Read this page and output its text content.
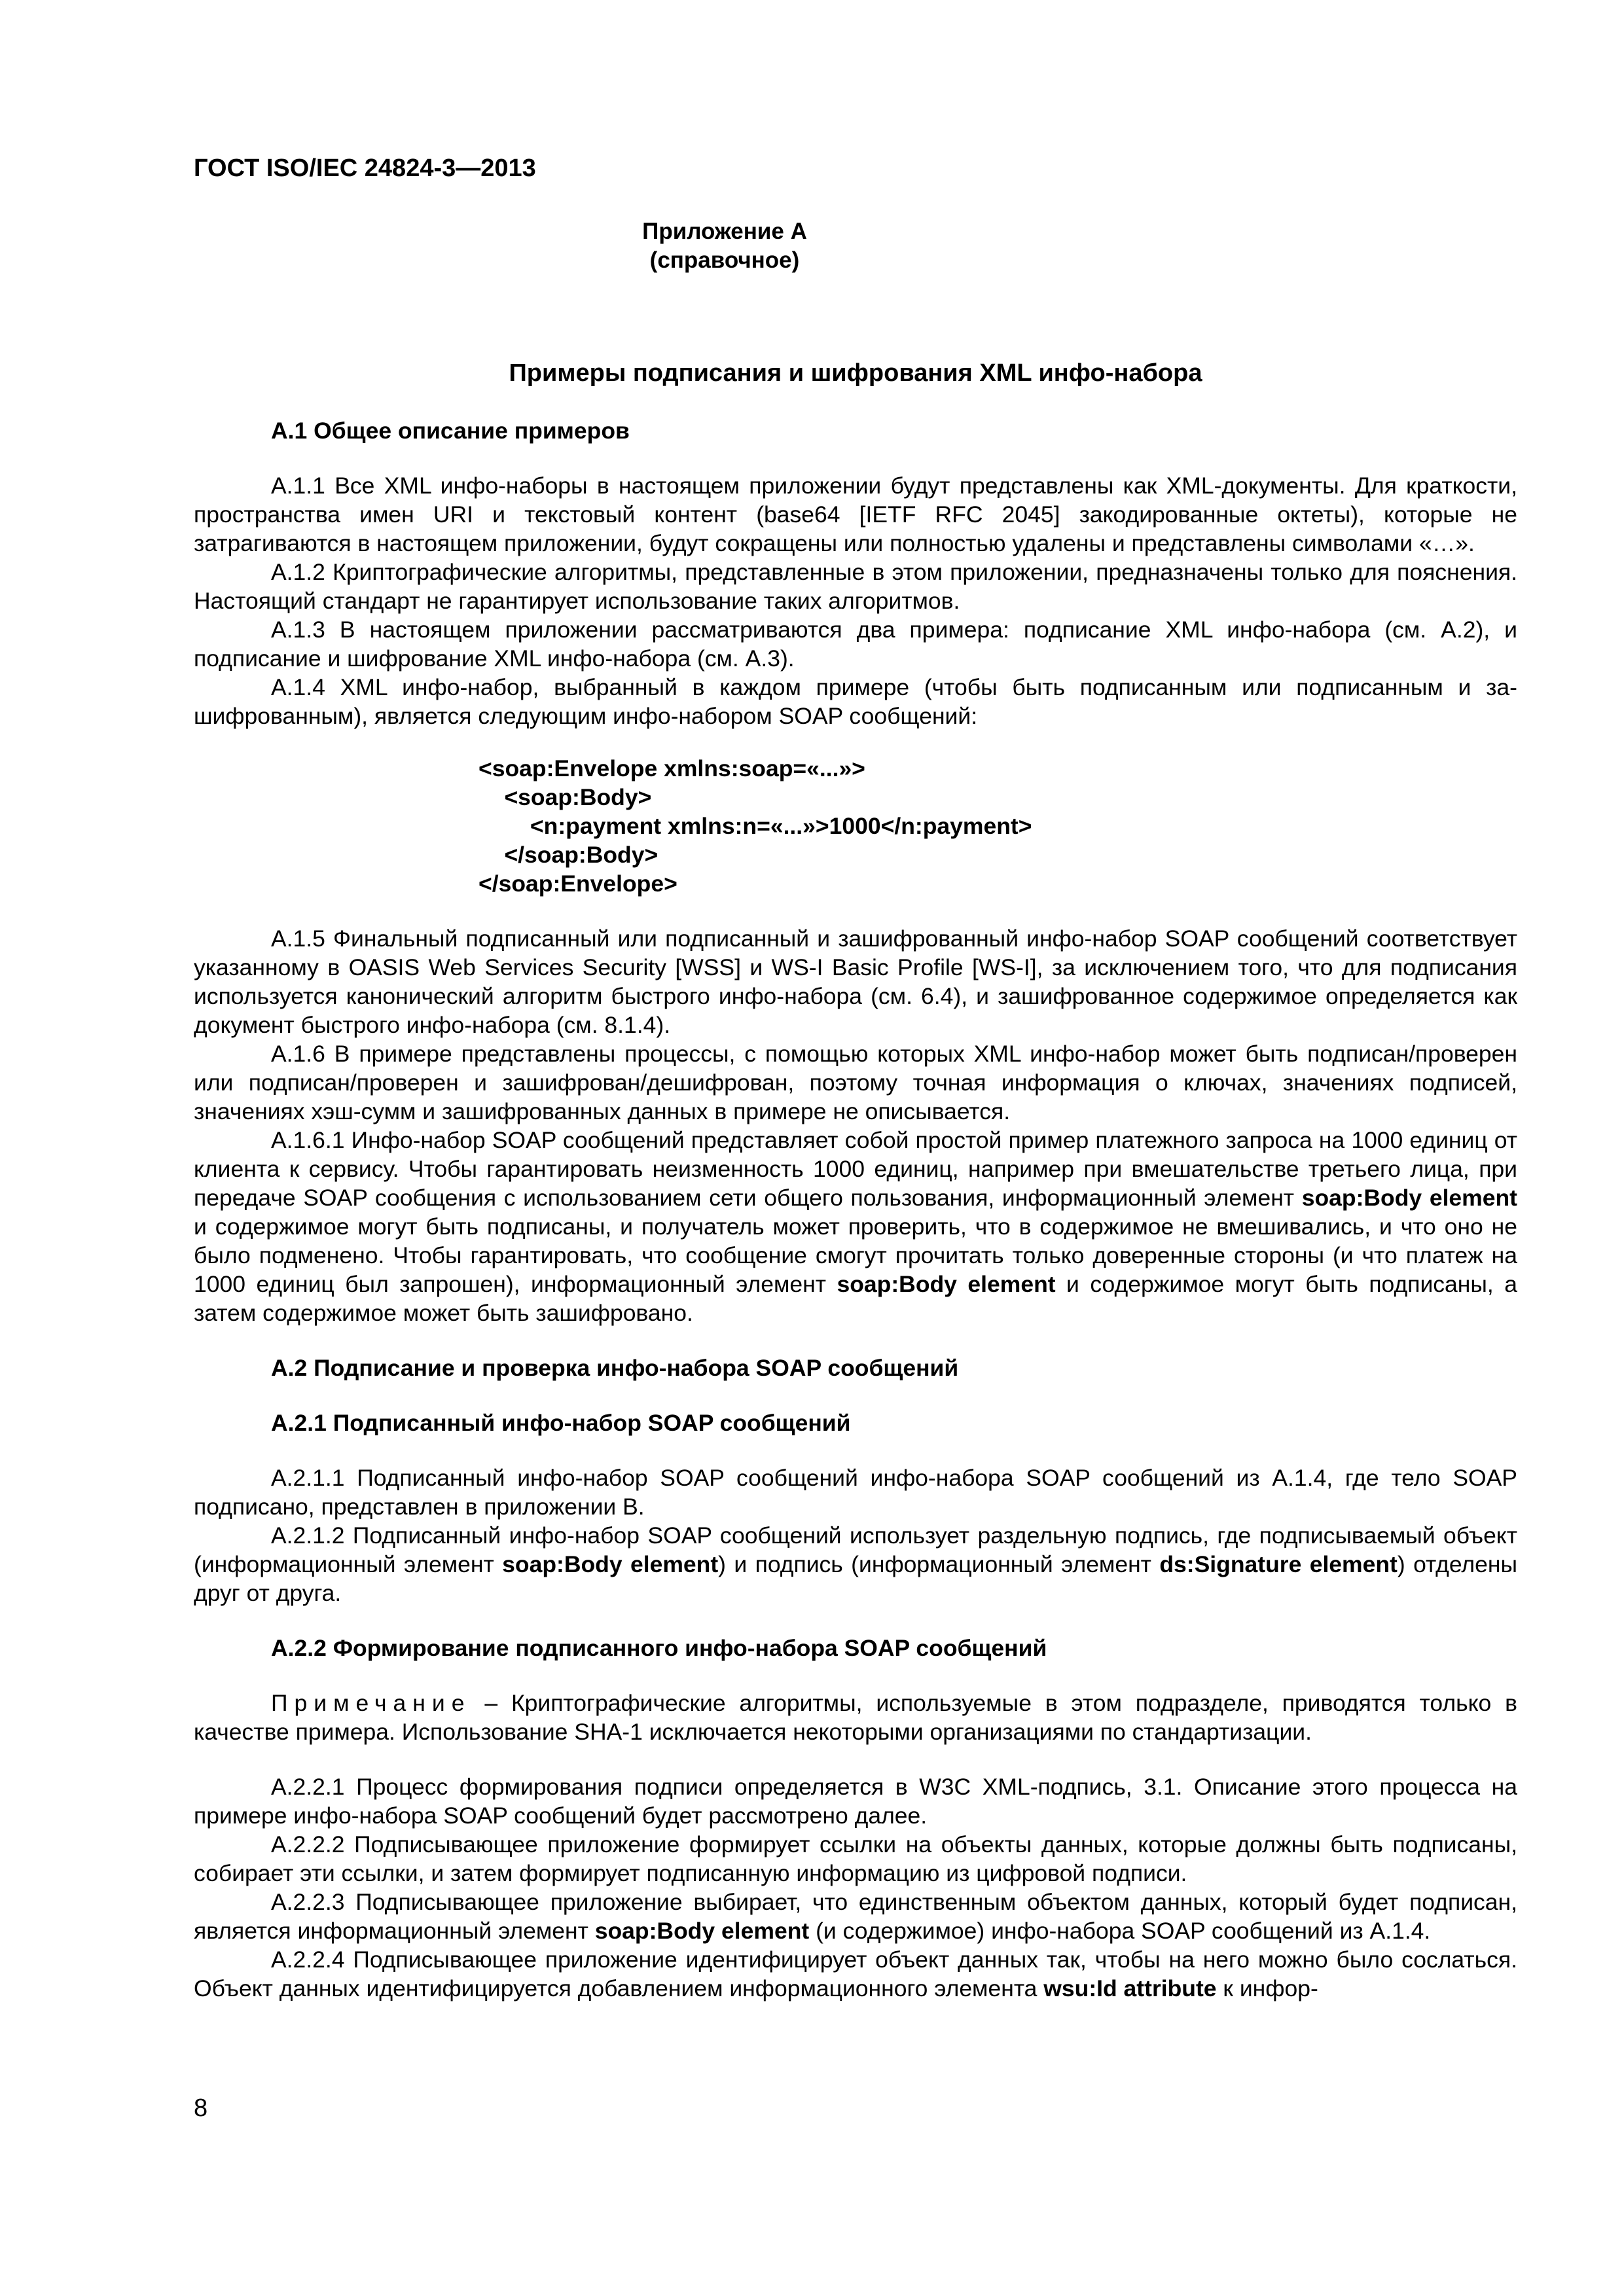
ГОСТ ISO/IEC 24824-3—2013
Приложение А
(справочное)
Примеры подписания и шифрования XML инфо-набора

А.1 Общее описание примеров

А.1.1 Все XML инфо-наборы в настоящем приложении будут представлены как XML-документы. Для краткости, пространства имен URI и текстовый контент (base64 [IETF RFC 2045] закодированные октеты), которые не затрагиваются в настоящем приложении, будут сокращены или полностью удалены и представлены символами «…».

А.1.2 Криптографические алгоритмы, представленные в этом приложении, предназначены только для пояснения. Настоящий стандарт не гарантирует использование таких алгоритмов.

А.1.3 В настоящем приложении рассматриваются два примера: подписание XML инфо-набора (см. А.2), и подписание и шифрование XML инфо-набора (см. А.3).

А.1.4 XML инфо-набор, выбранный в каждом примере (чтобы быть подписанным или подписанным и зашифрованным), является следующим инфо-набором SOAP сообщений:

<soap:Envelope xmlns:soap=«...»>
<soap:Body>
<n:payment xmlns:n=«...»>1000</n:payment>
</soap:Body>
</soap:Envelope>

А.1.5 Финальный подписанный или подписанный и зашифрованный инфо-набор SOAP сообщений соответствует указанному в OASIS Web Services Security [WSS] и WS-I Basic Profile [WS-I], за исключением того, что для подписания используется канонический алгоритм быстрого инфо-набора (см. 6.4), и зашифрованное содержимое определяется как документ быстрого инфо-набора (см. 8.1.4).

А.1.6 В примере представлены процессы, с помощью которых XML инфо-набор может быть подписан/проверен или подписан/проверен и зашифрован/дешифрован, поэтому точная информация о ключах, значениях подписей, значениях хэш-сумм и зашифрованных данных в примере не описывается.

А.1.6.1 Инфо-набор SOAP сообщений представляет собой простой пример платежного запроса на 1000 единиц от клиента к сервису. Чтобы гарантировать неизменность 1000 единиц, например при вмешательстве третьего лица, при передаче SOAP сообщения с использованием сети общего пользования, информационный элемент soap:Body element и содержимое могут быть подписаны, и получатель может проверить, что в содержимое не вмешивались, и что оно не было подменено. Чтобы гарантировать, что сообщение смогут прочитать только доверенные стороны (и что платеж на 1000 единиц был запрошен), информационный элемент soap:Body element и содержимое могут быть подписаны, а затем содержимое может быть зашифровано.

А.2 Подписание и проверка инфо-набора SOAP сообщений

А.2.1 Подписанный инфо-набор SOAP сообщений

А.2.1.1 Подписанный инфо-набор SOAP сообщений инфо-набора SOAP сообщений из А.1.4, где тело SOAP подписано, представлен в приложении В.

А.2.1.2 Подписанный инфо-набор SOAP сообщений использует раздельную подпись, где подписываемый объект (информационный элемент soap:Body element) и подпись (информационный элемент ds:Signature element) отделены друг от друга.

А.2.2 Формирование подписанного инфо-набора SOAP сообщений

Примечание – Криптографические алгоритмы, используемые в этом подразделе, приводятся только в качестве примера. Использование SHA-1 исключается некоторыми организациями по стандартизации.

А.2.2.1 Процесс формирования подписи определяется в W3C XML-подпись, 3.1. Описание этого процесса на примере инфо-набора SOAP сообщений будет рассмотрено далее.

А.2.2.2 Подписывающее приложение формирует ссылки на объекты данных, которые должны быть подписаны, собирает эти ссылки, и затем формирует подписанную информацию из цифровой подписи.

А.2.2.3 Подписывающее приложение выбирает, что единственным объектом данных, который будет подписан, является информационный элемент soap:Body element (и содержимое) инфо-набора SOAP сообщений из А.1.4.

А.2.2.4 Подписывающее приложение идентифицирует объект данных так, чтобы на него можно было сослаться. Объект данных идентифицируется добавлением информационного элемента wsu:Id attribute к инфор-

8
